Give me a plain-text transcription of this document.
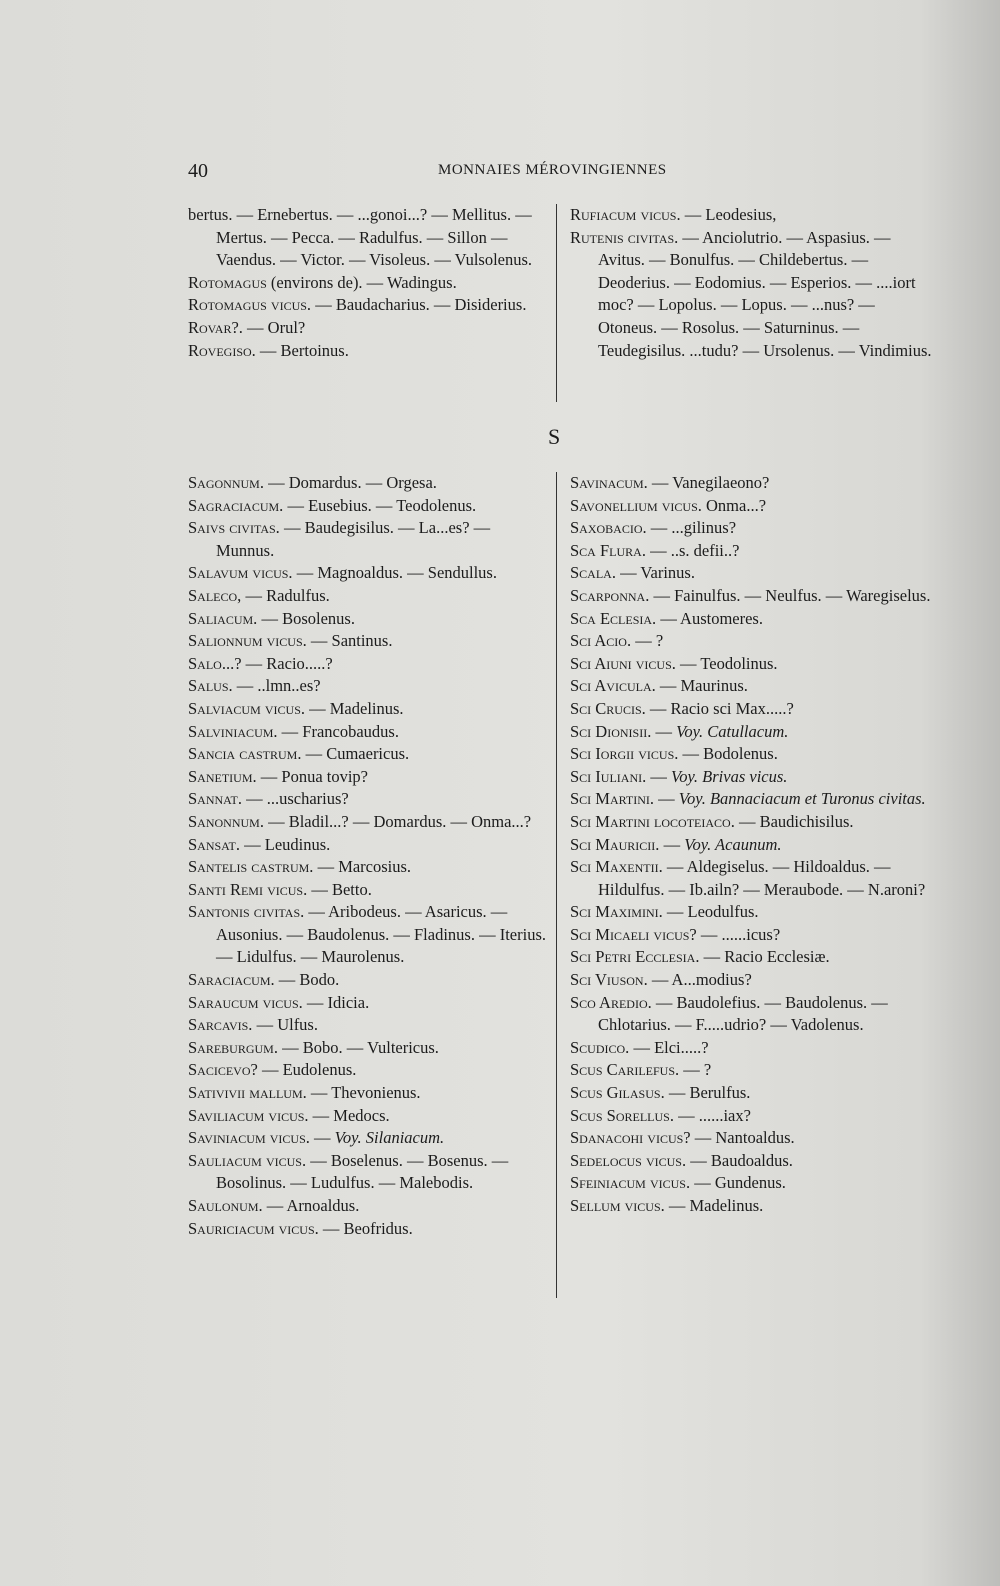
40	MONNAIES MÉROVINGIENNES

bertus. — Ernebertus. — ...gonoi...? — Mellitus. — Mertus. — Pecca. — Radulfus. — Sillon — Vaendus. — Victor. — Visoleus. — Vulsolenus.

Rotomagus (environs de). — Wadingus.

Rotomagus vicus. — Baudacharius. — Disiderius.

Rovar?. — Orul?

Rovegiso. — Bertoinus.

Rufiacum vicus. — Leodesius,

Rutenis civitas. — Anciolutrio. — Aspasius. — Avitus. — Bonulfus. — Childebertus. — Deoderius. — Eodomius. — Esperios. — ....iort moc? — Lopolus. — Lopus. — ...nus? — Otoneus. — Rosolus. — Saturninus. — Teudegisilus. ...tudu? — Ursolenus. — Vindimius.

S

Sagonnum. — Domardus. — Orgesa.

Sagraciacum. — Eusebius. — Teodolenus.

Saivs civitas. — Baudegisilus. — La...es? — Munnus.

Salavum vicus. — Magnoaldus. — Sendullus.

Saleco, — Radulfus.

Saliacum. — Bosolenus.

Salionnum vicus. — Santinus.

Salo...? — Racio.....?

Salus. — ..lmn..es?

Salviacum vicus. — Madelinus.

Salviniacum. — Francobaudus.

Sancia castrum. — Cumaericus.

Sanetium. — Ponua tovip?

Sannat. — ...uscharius?

Sanonnum. — Bladil...? — Domardus. — Onma...?

Sansat. — Leudinus.

Santelis castrum. — Marcosius.

Santi Remi vicus. — Betto.

Santonis civitas. — Aribodeus. — Asaricus. — Ausonius. — Baudolenus. — Fladinus. — Iterius. — Lidulfus. — Maurolenus.

Saraciacum. — Bodo.

Saraucum vicus. — Idicia.

Sarcavis. — Ulfus.

Sareburgum. — Bobo. — Vultericus.

Sacicevo? — Eudolenus.

Sativivii mallum. — Thevonienus.

Saviliacum vicus. — Medocs.

Saviniacum vicus. — Voy. Silaniacum.

Sauliacum vicus. — Boselenus. — Bosenus. — Bosolinus. — Ludulfus. — Malebodis.

Saulonum. — Arnoaldus.

Sauriciacum vicus. — Beofridus.

Savinacum. — Vanegilaeono?

Savonellium vicus. Onma...?

Saxobacio. — ...gilinus?

Sca Flura. — ..s. defii..?

Scala. — Varinus.

Scarponna. — Fainulfus. — Neulfus. — Waregiselus.

Sca Eclesia. — Austomeres.

Sci Acio. — ?

Sci Aiuni vicus. — Teodolinus.

Sci Avicula. — Maurinus.

Sci Crucis. — Racio sci Max.....?

Sci Dionisii. — Voy. Catullacum.

Sci Iorgii vicus. — Bodolenus.

Sci Iuliani. — Voy. Brivas vicus.

Sci Martini. — Voy. Bannaciacum et Turonus civitas.

Sci Martini locoteiaco. — Baudichisilus.

Sci Mauricii. — Voy. Acaunum.

Sci Maxentii. — Aldegiselus. — Hildoaldus. — Hildulfus. — Ib.ailn? — Meraubode. — N.aroni?

Sci Maximini. — Leodulfus.

Sci Micaeli vicus? — ......icus?

Sci Petri Ecclesia. — Racio Ecclesiæ.

Sci Viuson. — A...modius?

Sco Aredio. — Baudolefius. — Baudolenus. — Chlotarius. — F.....udrio? — Vadolenus.

Scudico. — Elci.....?

Scus Carilefus. — ?

Scus Gilasus. — Berulfus.

Scus Sorellus. — ......iax?

Sdanacohi vicus? — Nantoaldus.

Sedelocus vicus. — Baudoaldus.

Sfeiniacum vicus. — Gundenus.

Sellum vicus. — Madelinus.
